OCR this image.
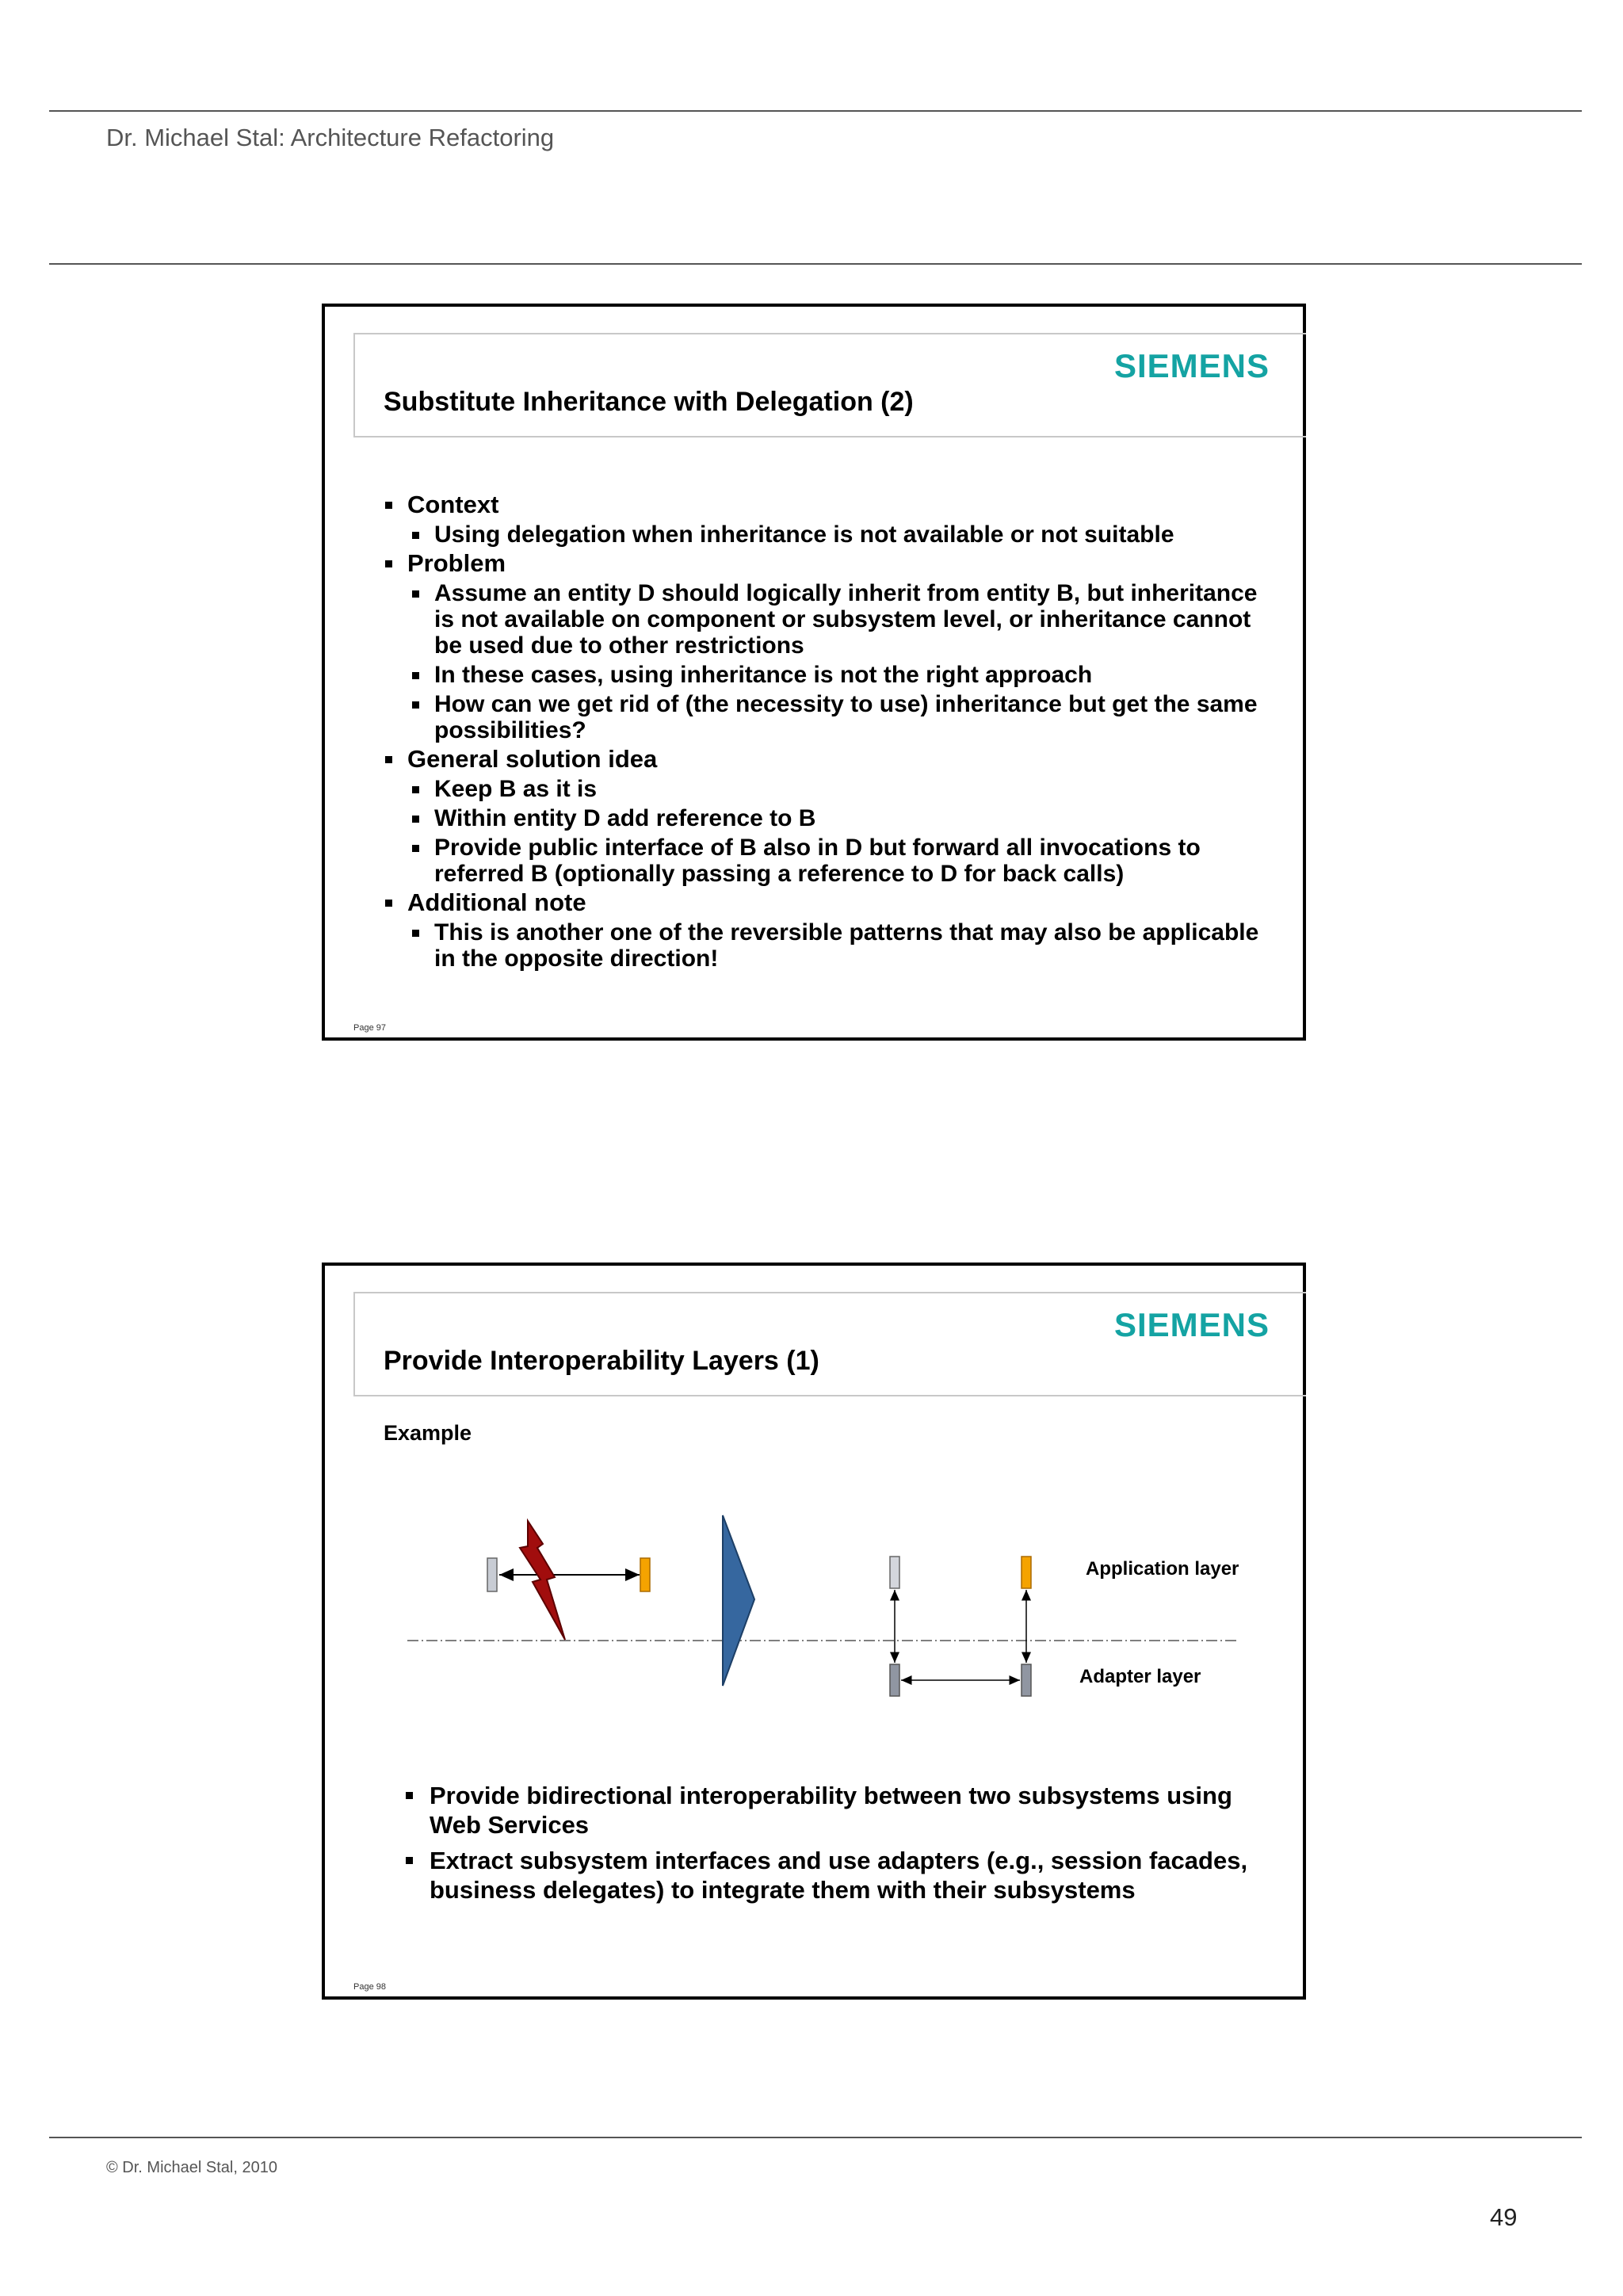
Dr. Michael Stal: Architecture Refactoring
SIEMENS
Substitute Inheritance with Delegation (2)

Context

Using delegation when inheritance is not available or not suitable

Problem

Assume an entity D should logically inherit from entity B, but inheritance is not available on component or subsystem level, or inheritance cannot be used due to other restrictions

In these cases, using inheritance is not the right approach

How can we get rid of (the necessity to use) inheritance but get the same possibilities?

General solution idea

Keep B as it is

Within entity D add reference to B

Provide public interface of B also in D but forward all invocations to referred B (optionally passing a reference to D for back calls)

Additional note

This is another one of the reversible patterns that may also be applicable in the opposite direction!

Page 97
SIEMENS
Provide Interoperability Layers (1)
Example
Application layer
Adapter layer

Provide bidirectional interoperability between two subsystems using Web Services

Extract subsystem interfaces and use adapters (e.g., session facades, business delegates) to integrate them with their subsystems

Page 98
© Dr. Michael Stal, 2010
49
